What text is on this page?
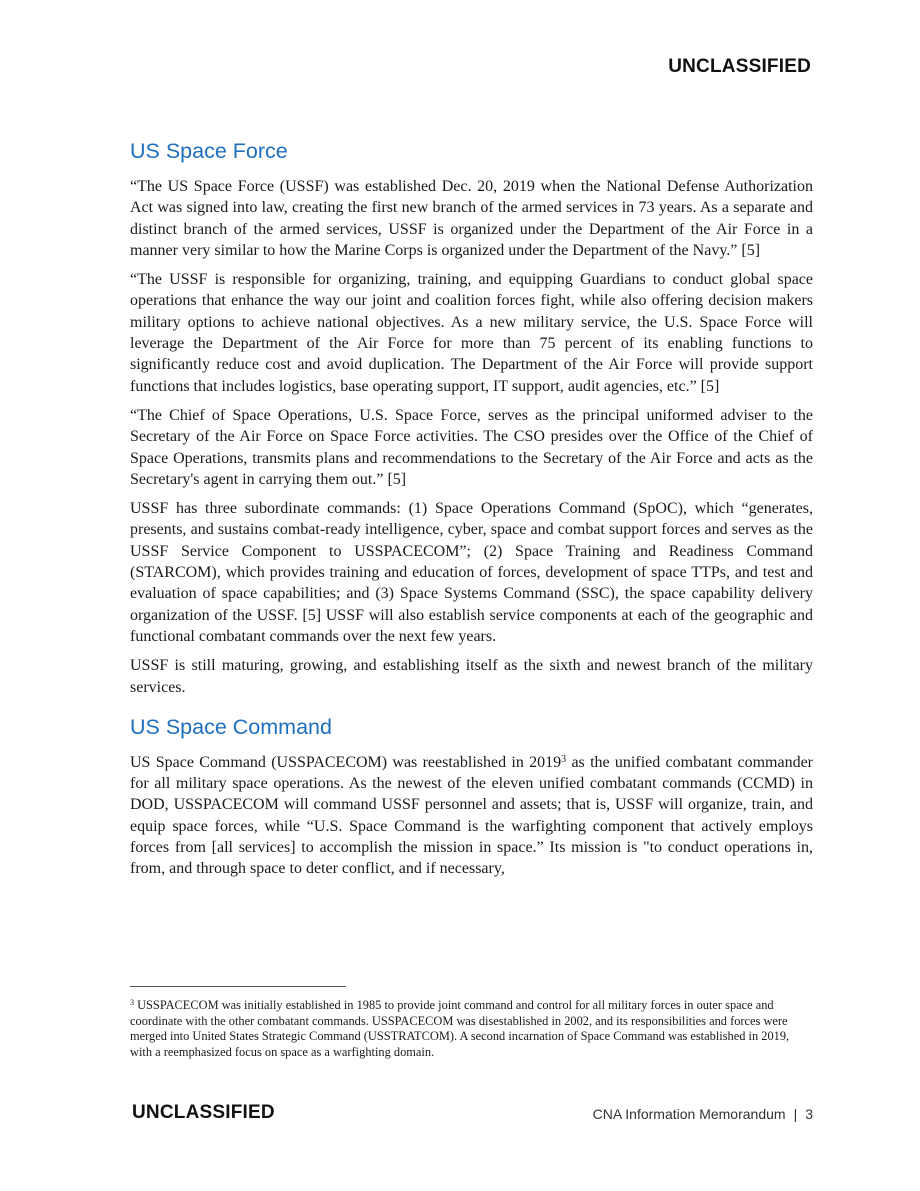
UNCLASSIFIED
US Space Force

“The US Space Force (USSF) was established Dec. 20, 2019 when the National Defense Authorization Act was signed into law, creating the first new branch of the armed services in 73 years. As a separate and distinct branch of the armed services, USSF is organized under the Department of the Air Force in a manner very similar to how the Marine Corps is organized under the Department of the Navy.” [5]

“The USSF is responsible for organizing, training, and equipping Guardians to conduct global space operations that enhance the way our joint and coalition forces fight, while also offering decision makers military options to achieve national objectives. As a new military service, the U.S. Space Force will leverage the Department of the Air Force for more than 75 percent of its enabling functions to significantly reduce cost and avoid duplication. The Department of the Air Force will provide support functions that includes logistics, base operating support, IT support, audit agencies, etc.” [5]

“The Chief of Space Operations, U.S. Space Force, serves as the principal uniformed adviser to the Secretary of the Air Force on Space Force activities. The CSO presides over the Office of the Chief of Space Operations, transmits plans and recommendations to the Secretary of the Air Force and acts as the Secretary's agent in carrying them out.” [5]

USSF has three subordinate commands: (1) Space Operations Command (SpOC), which “generates, presents, and sustains combat-ready intelligence, cyber, space and combat support forces and serves as the USSF Service Component to USSPACECOM”; (2) Space Training and Readiness Command (STARCOM), which provides training and education of forces, development of space TTPs, and test and evaluation of space capabilities; and (3) Space Systems Command (SSC), the space capability delivery organization of the USSF. [5] USSF will also establish service components at each of the geographic and functional combatant commands over the next few years.

USSF is still maturing, growing, and establishing itself as the sixth and newest branch of the military services.

US Space Command

US Space Command (USSPACECOM) was reestablished in 2019$^3$ as the unified combatant commander for all military space operations. As the newest of the eleven unified combatant commands (CCMD) in DOD, USSPACECOM will command USSF personnel and assets; that is, USSF will organize, train, and equip space forces, while “U.S. Space Command is the warfighting component that actively employs forces from [all services] to accomplish the mission in space.” Its mission is "to conduct operations in, from, and through space to deter conflict, and if necessary,

$^3$ USSPACECOM was initially established in 1985 to provide joint command and control for all military forces in outer space and coordinate with the other combatant commands. USSPACECOM was disestablished in 2002, and its responsibilities and forces were merged into United States Strategic Command (USSTRATCOM). A second incarnation of Space Command was established in 2019, with a reemphasized focus on space as a warfighting domain.
UNCLASSIFIED	CNA Information Memorandum | 3
